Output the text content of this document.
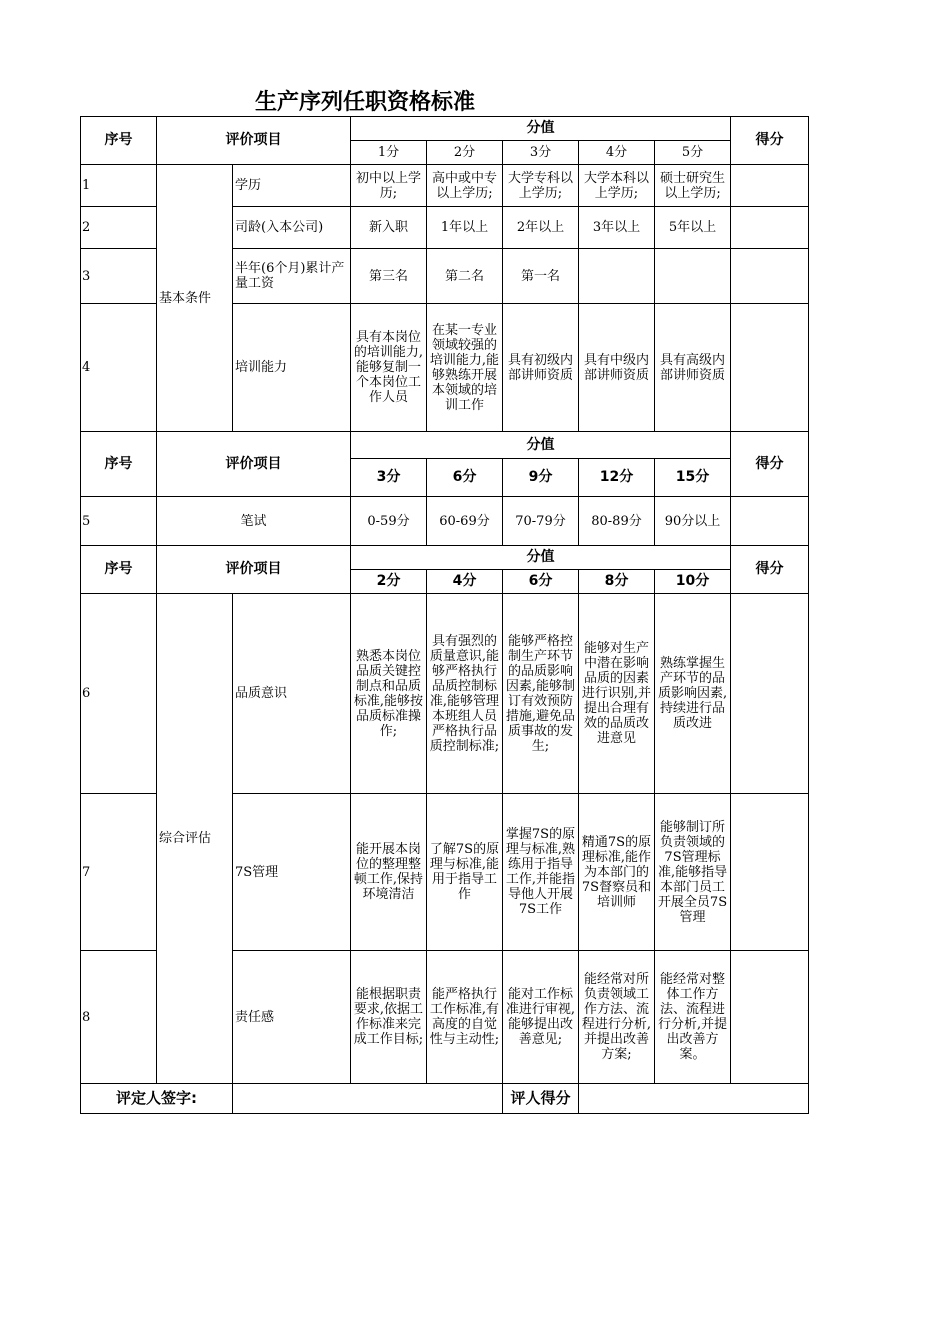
生产序列任职资格标准
序号	评价项目		分值					得分
			1分	2分	3分	4分	5分	
1	基本条件	学历	初中以上学历;	高中或中专以上学历;	大学专科以上学历;	大学本科以上学历;	硕士研究生以上学历;	
2		司龄(入本公司)	新入职	1年以上	2年以上	3年以上	5年以上	
3		半年(6个月)累计产量工资	第三名	第二名	第一名			
4		培训能力	具有本岗位的培训能力,能够复制一个本岗位工作人员	在某一专业领域较强的培训能力,能够熟练开展本领域的培训工作	具有初级内部讲师资质	具有中级内部讲师资质	具有高级内部讲师资质	
序号	评价项目		分值					得分
			3分	6分	9分	12分	15分	
5	笔试		0-59分	60-69分	70-79分	80-89分	90分以上	
序号	评价项目		分值					得分
			2分	4分	6分	8分	10分	
6	综合评估	品质意识	熟悉本岗位品质关键控制点和品质标准,能够按品质标准操作;	具有强烈的质量意识,能够严格执行品质控制标准,能够管理本班组人员严格执行品质控制标准;	能够严格控制生产环节的品质影响因素,能够制订有效预防措施,避免品质事故的发生;	能够对生产中潜在影响品质的因素进行识别,并提出合理有效的品质改进意见	熟练掌握生产环节的品质影响因素,持续进行品质改进	
7		7S管理	能开展本岗位的整理整顿工作,保持环境清洁	了解7S的原理与标准,能用于指导工作	掌握7S的原理与标准,熟练用于指导工作,并能指导他人开展7S工作	精通7S的原理标准,能作为本部门的7S督察员和培训师	能够制订所负责领域的7S管理标准,能够指导本部门员工开展全员7S管理	
8		责任感	能根据职责要求,依据工作标准来完成工作目标;	能严格执行工作标准,有高度的自觉性与主动性;	能对工作标准进行审视,能够提出改善意见;	能经常对所负责领域工作方法、流程进行分析,并提出改善方案;	能经常对整体工作方法、流程进行分析,并提出改善方案。	
评定人签字:					评人得分			
